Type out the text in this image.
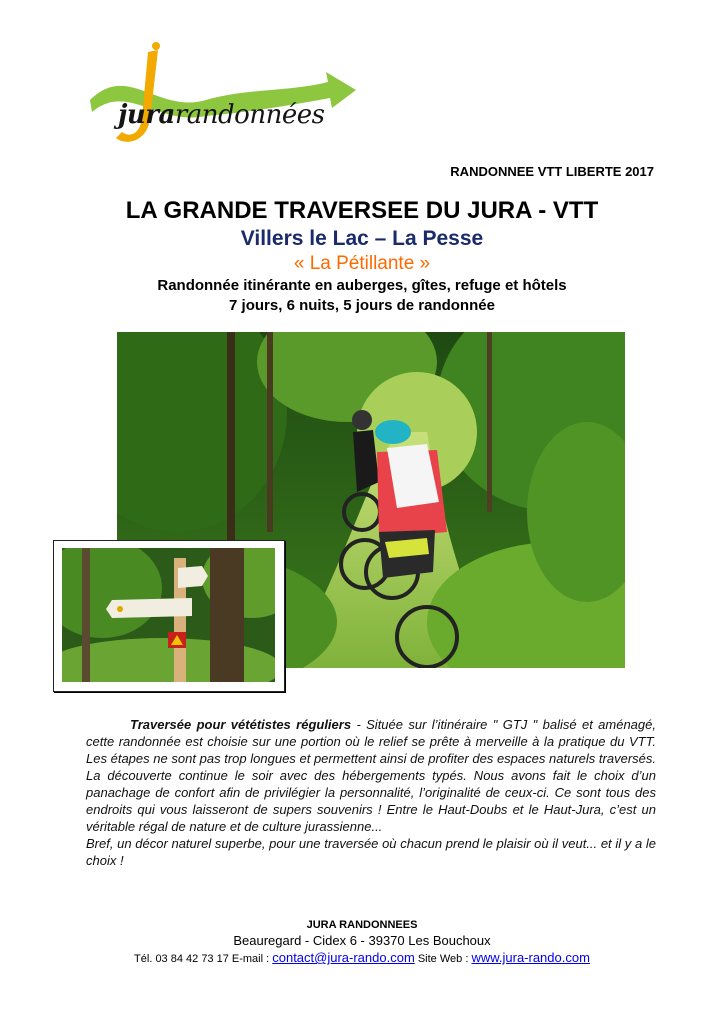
jurarandonnées
RANDONNEE VTT LIBERTE 2017
LA GRANDE TRAVERSEE DU JURA - VTT
Villers le Lac – La Pesse
« La Pétillante »
Randonnée itinérante en auberges, gîtes, refuge et hôtels
7 jours, 6 nuits, 5 jours de randonnée

Traversée pour vététistes réguliers - Située sur l’itinéraire " GTJ " balisé et aménagé, cette randonnée est choisie sur une portion où le relief se prête à merveille à la pratique du VTT. Les étapes ne sont pas trop longues et permettent ainsi de profiter des espaces naturels traversés. La découverte continue le soir avec des hébergements typés. Nous avons fait le choix d’un panachage de confort afin de privilégier la personnalité, l’originalité de ceux-ci. Ce sont tous des endroits qui vous laisseront de supers souvenirs ! Entre le Haut-Doubs et le Haut-Jura, c’est un véritable régal de nature et de culture jurassienne...

Bref, un décor naturel superbe, pour une traversée où chacun prend le plaisir où il veut... et il y a le choix !

JURA RANDONNEES
Beauregard - Cidex 6 - 39370 Les Bouchoux
Tél. 03 84 42 73 17 E-mail : contact@jura-rando.com Site Web : www.jura-rando.com
